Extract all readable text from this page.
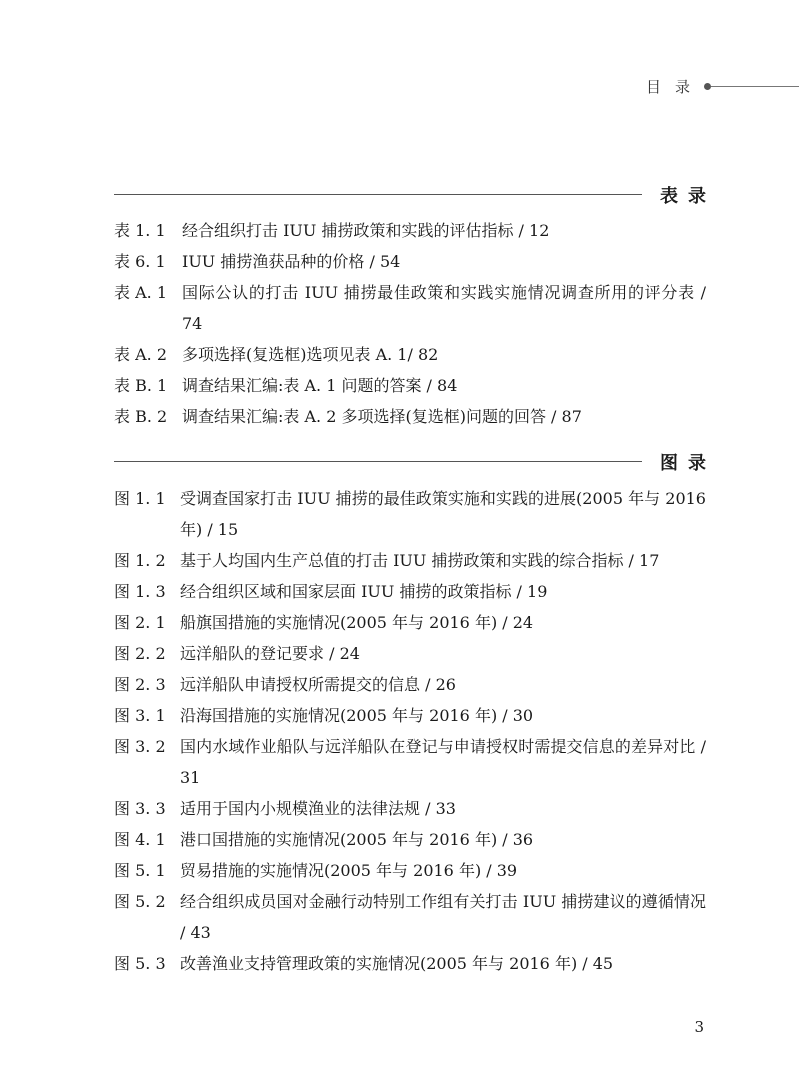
目录
表录
表 1. 1	经合组织打击 IUU 捕捞政策和实践的评估指标 / 12
表 6. 1	IUU 捕捞渔获品种的价格 / 54
表 A. 1 国际公认的打击 IUU 捕捞最佳政策和实践实施情况调查所用的评分表 / 74
表 A. 2 多项选择(复选框)选项见表 A. 1/ 82
表 B. 1 调查结果汇编:表 A. 1 问题的答案 / 84
表 B. 2 调查结果汇编:表 A. 2 多项选择(复选框)问题的回答 / 87
图录
图 1. 1 受调查国家打击 IUU 捕捞的最佳政策实施和实践的进展(2005 年与 2016 年) / 15
图 1. 2 基于人均国内生产总值的打击 IUU 捕捞政策和实践的综合指标 / 17
图 1. 3 经合组织区域和国家层面 IUU 捕捞的政策指标 / 19
图 2. 1 船旗国措施的实施情况(2005 年与 2016 年) / 24
图 2. 2 远洋船队的登记要求 / 24
图 2. 3 远洋船队申请授权所需提交的信息 / 26
图 3. 1 沿海国措施的实施情况(2005 年与 2016 年) / 30
图 3. 2 国内水域作业船队与远洋船队在登记与申请授权时需提交信息的差异对比 / 31
图 3. 3 适用于国内小规模渔业的法律法规 / 33
图 4. 1 港口国措施的实施情况(2005 年与 2016 年) / 36
图 5. 1 贸易措施的实施情况(2005 年与 2016 年) / 39
图 5. 2 经合组织成员国对金融行动特别工作组有关打击 IUU 捕捞建议的遵循情况 / 43
图 5. 3 改善渔业支持管理政策的实施情况(2005 年与 2016 年) / 45
3
